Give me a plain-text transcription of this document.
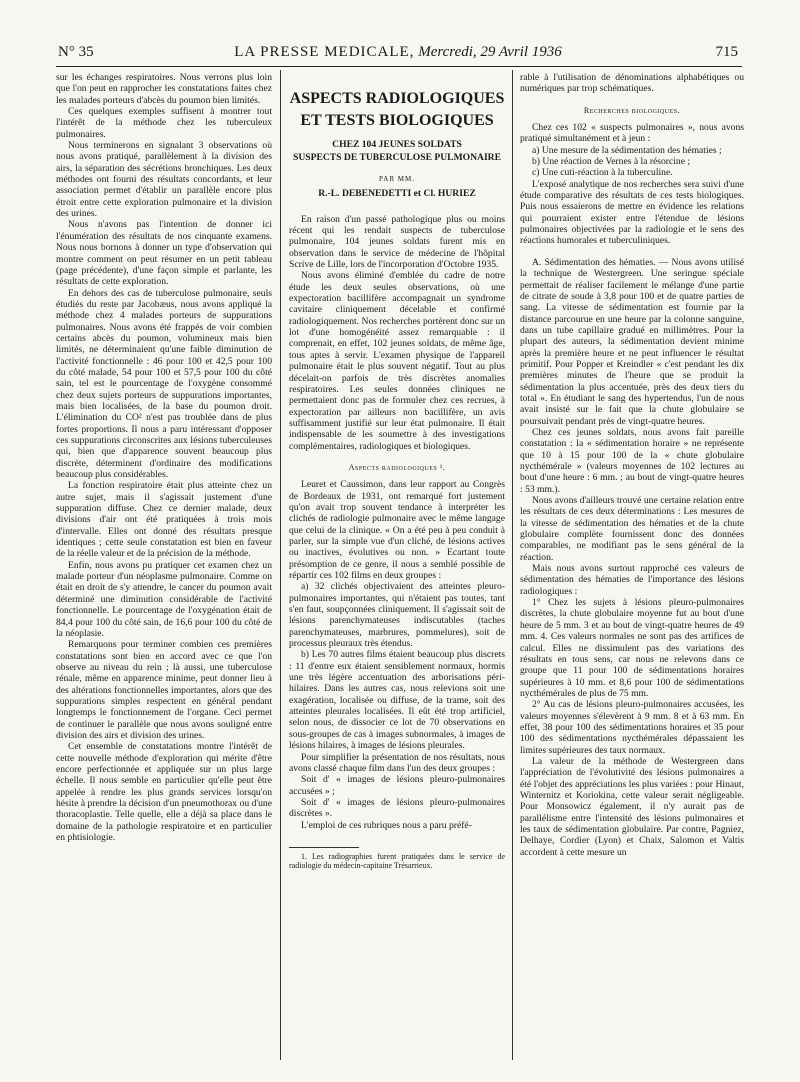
N° 35	LA PRESSE MEDICALE, Mercredi, 29 Avril 1936	715

sur les échanges respiratoires. Nous verrons plus loin que l'on peut en rapprocher les constatations faites chez les malades porteurs d'abcès du poumon bien limités.

Ces quelques exemples suffisent à montrer tout l'intérêt de la méthode chez les tuberculeux pulmonaires.

Nous terminerons en signalant 3 observations où nous avons pratiqué, parallèlement à la division des airs, la séparation des sécrétions bronchiques. Les deux méthodes ont fourni des résultats concordants, et leur association permet d'établir un parallèle encore plus étroit entre cette exploration pulmonaire et la division des urines.

Nous n'avons pas l'intention de donner ici l'énumération des résultats de nos cinquante examens. Nous nous bornons à donner un type d'observation qui montre comment on peut résumer en un petit tableau (page précédente), d'une façon simple et parlante, les résultats de cette exploration.

En dehors des cas de tuberculose pulmonaire, seuls étudiés du reste par Jacobæus, nous avons appliqué la méthode chez 4 malades porteurs de suppurations pulmonaires. Nous avons été frappés de voir combien certains abcès du poumon, volumineux mais bien limités, ne déterminaient qu'une faible diminution de l'activité fonctionnelle : 46 pour 100 et 42,5 pour 100 du côté malade, 54 pour 100 et 57,5 pour 100 du côté sain, tel est le pourcentage de l'oxygène consommé chez deux sujets porteurs de suppurations importantes, mais bien localisées, de la base du poumon droit. L'élimination du CO² n'est pas troublée dans de plus fortes proportions. Il nous a paru intéressant d'opposer ces suppurations circonscrites aux lésions tuberculeuses qui, bien que d'apparence souvent beaucoup plus discrète, déterminent d'ordinaire des modifications beaucoup plus considérables.

La fonction respiratoire était plus atteinte chez un autre sujet, mais il s'agissait justement d'une suppuration diffuse. Chez ce dernier malade, deux divisions d'air ont été pratiquées à trois mois d'intervalle. Elles ont donné des résultats presque identiques ; cette seule constatation est bien en faveur de la réelle valeur et de la précision de la méthode.

Enfin, nous avons pu pratiquer cet examen chez un malade porteur d'un néoplasme pulmonaire. Comme on était en droit de s'y attendre, le cancer du poumon avait déterminé une diminution considérable de l'activité fonctionnelle. Le pourcentage de l'oxygénation était de 84,4 pour 100 du côté sain, de 16,6 pour 100 du côté de la néoplasie.

Remarquons pour terminer combien ces premières constatations sont bien en accord avec ce que l'on observe au niveau du rein ; là aussi, une tuberculose rénale, même en apparence minime, peut donner lieu à des altérations fonctionnelles importantes, alors que des suppurations simples respectent en général pendant longtemps le fonctionnement de l'organe. Ceci permet de continuer le parallèle que nous avons souligné entre division des airs et division des urines.

Cet ensemble de constatations montre l'intérêt de cette nouvelle méthode d'exploration qui mérite d'être encore perfectionnée et appliquée sur un plus large échelle. Il nous semble en particulier qu'elle peut être appelée à rendre les plus grands services lorsqu'on hésite à prendre la décision d'un pneumothorax ou d'une thoracoplastie. Telle quelle, elle a déjà sa place dans le domaine de la pathologie respiratoire et en particulier en phtisiologie.

ASPECTS RADIOLOGIQUES
ET TESTS BIOLOGIQUES
CHEZ 104 JEUNES SOLDATS
SUSPECTS DE TUBERCULOSE PULMONAIRE
PAR MM.
R.-L. DEBENEDETTI et Cl. HURIEZ

En raison d'un passé pathologique plus ou moins récent qui les rendait suspects de tuberculose pulmonaire, 104 jeunes soldats furent mis en observation dans le service de médecine de l'hôpital Scrive de Lille, lors de l'incorporation d'Octobre 1935.

Nous avons éliminé d'emblée du cadre de notre étude les deux seules observations, où une expectoration bacillifère accompagnait un syndrome cavitaire cliniquement décelable et confirmé radiologiquement. Nos recherches portèrent donc sur un lot d'une homogénéité assez remarquable : il comprenait, en effet, 102 jeunes soldats, de même âge, tous aptes à servir. L'examen physique de l'appareil pulmonaire était le plus souvent négatif. Tout au plus décelait-on parfois de très discrètes anomalies respiratoires. Les seules données cliniques ne permettaient donc pas de formuler chez ces recrues, à expectoration par ailleurs non bacillifère, un avis suffisamment justifié sur leur état pulmonaire. Il était indispensable de les soumettre à des investigations complémentaires, radiologiques et biologiques.

Aspects radiologiques ¹.

Leuret et Caussimon, dans leur rapport au Congrès de Bordeaux de 1931, ont remarqué fort justement qu'on avait trop souvent tendance à interpréter les clichés de radiologie pulmonaire avec le même langage que celui de la clinique. « On a été peu à peu conduit à parler, sur la simple vue d'un cliché, de lésions actives ou inactives, évolutives ou non. » Ecartant toute présomption de ce genre, il nous a semblé possible de répartir ces 102 films en deux groupes :

a) 32 clichés objectivaient des atteintes pleuro-pulmonaires importantes, qui n'étaient pas toutes, tant s'en faut, soupçonnées cliniquement. Il s'agissait soit de lésions parenchymateuses indiscutables (taches parenchymateuses, marbrures, pommelures), soit de processus pleuraux très étendus.

b) Les 70 autres films étaient beaucoup plus discrets : 11 d'entre eux étaient sensiblement normaux, hormis une très légère accentuation des arborisations péri-hilaires. Dans les autres cas, nous relevions soit une exagération, localisée ou diffuse, de la trame, soit des atteintes pleurales localisées. Il eût été trop artificiel, selon nous, de dissocier ce lot de 70 observations en sous-groupes de cas à images subnormales, à images de lésions hilaires, à images de lésions pleurales.

Pour simplifier la présentation de nos résultats, nous avons classé chaque film dans l'un des deux groupes :

Soit d' « images de lésions pleuro-pulmonaires accusées » ;

Soit d' « images de lésions pleuro-pulmonaires discrètes ».

L'emploi de ces rubriques nous a paru préfé-

1. Les radiographies furent pratiquées dans le service de radiologie du médecin-capitaine Trésarrieux.

rable à l'utilisation de dénominations alphabétiques ou numériques par trop schématiques.

Recherches biologiques.

Chez ces 102 « suspects pulmonaires », nous avons pratiqué simultanément et à jeun :

a) Une mesure de la sédimentation des hématies ;

b) Une réaction de Vernes à la résorcine ;

c) Une cuti-réaction à la tuberculine.

L'exposé analytique de nos recherches sera suivi d'une étude comparative des résultats de ces tests biologiques. Puis nous essaierons de mettre en évidence les relations qui pourraient exister entre l'étendue de lésions pulmonaires objectivées par la radiologie et le sens des réactions humorales et tuberculiniques.

A. Sédimentation des hématies. — Nous avons utilisé la technique de Westergreen. Une seringue spéciale permettait de réaliser facilement le mélange d'une partie de citrate de soude à 3,8 pour 100 et de quatre parties de sang. La vitesse de sédimentation est fournie par la distance parcourue en une heure par la colonne sanguine, dans un tube capillaire gradué en millimètres. Pour la plupart des auteurs, la sédimentation devient minime après la première heure et ne peut influencer le résultat primitif. Pour Popper et Kreindler « c'est pendant les dix premières minutes de l'heure que se produit la sédimentation la plus accentuée, près des deux tiers du total ». En étudiant le sang des hypertendus, l'un de nous avait insisté sur le fait que la chute globulaire se poursuivait pendant près de vingt-quatre heures.

Chez ces jeunes soldats, nous avons fait pareille constatation : la « sédimentation horaire » ne représente que 10 à 15 pour 100 de la « chute globulaire nycthémérale » (valeurs moyennes de 102 lectures au bout d'une heure : 6 mm. ; au bout de vingt-quatre heures : 53 mm.).

Nous avons d'ailleurs trouvé une certaine relation entre les résultats de ces deux déterminations : Les mesures de la vitesse de sédimentation des hématies et de la chute globulaire complète fournissent donc des données comparables, ne modifiant pas le sens général de la réaction.

Mais nous avons surtout rapproché ces valeurs de sédimentation des hématies de l'importance des lésions radiologiques :

1° Chez les sujets à lésions pleuro-pulmonaires discrètes, la chute globulaire moyenne fut au bout d'une heure de 5 mm. 3 et au bout de vingt-quatre heures de 49 mm. 4. Ces valeurs normales ne sont pas des artifices de calcul. Elles ne dissimulent pas des variations des résultats en tous sens, car nous ne relevons dans ce groupe que 11 pour 100 de sédimentations horaires supérieures à 10 mm. et 8,6 pour 100 de sédimentations nycthémérales de plus de 75 mm.

2° Au cas de lésions pleuro-pulmonaires accusées, les valeurs moyennes s'élevèrent à 9 mm. 8 et à 63 mm. En effet, 38 pour 100 des sédimentations horaires et 35 pour 100 des sédimentations nycthémérales dépassaient les limites supérieures des taux normaux.

La valeur de la méthode de Westergreen dans l'appréciation de l'évolutivité des lésions pulmonaires a été l'objet des appréciations les plus variées : pour Hinaut, Winternitz et Koriokina, cette valeur serait négligeable. Pour Monsowicz également, il n'y aurait pas de parallélisme entre l'intensité des lésions pulmonaires et les taux de sédimentation globulaire. Par contre, Pagniez, Delhaye, Cordier (Lyon) et Chaix, Salomon et Valtis accordent à cette mesure un
